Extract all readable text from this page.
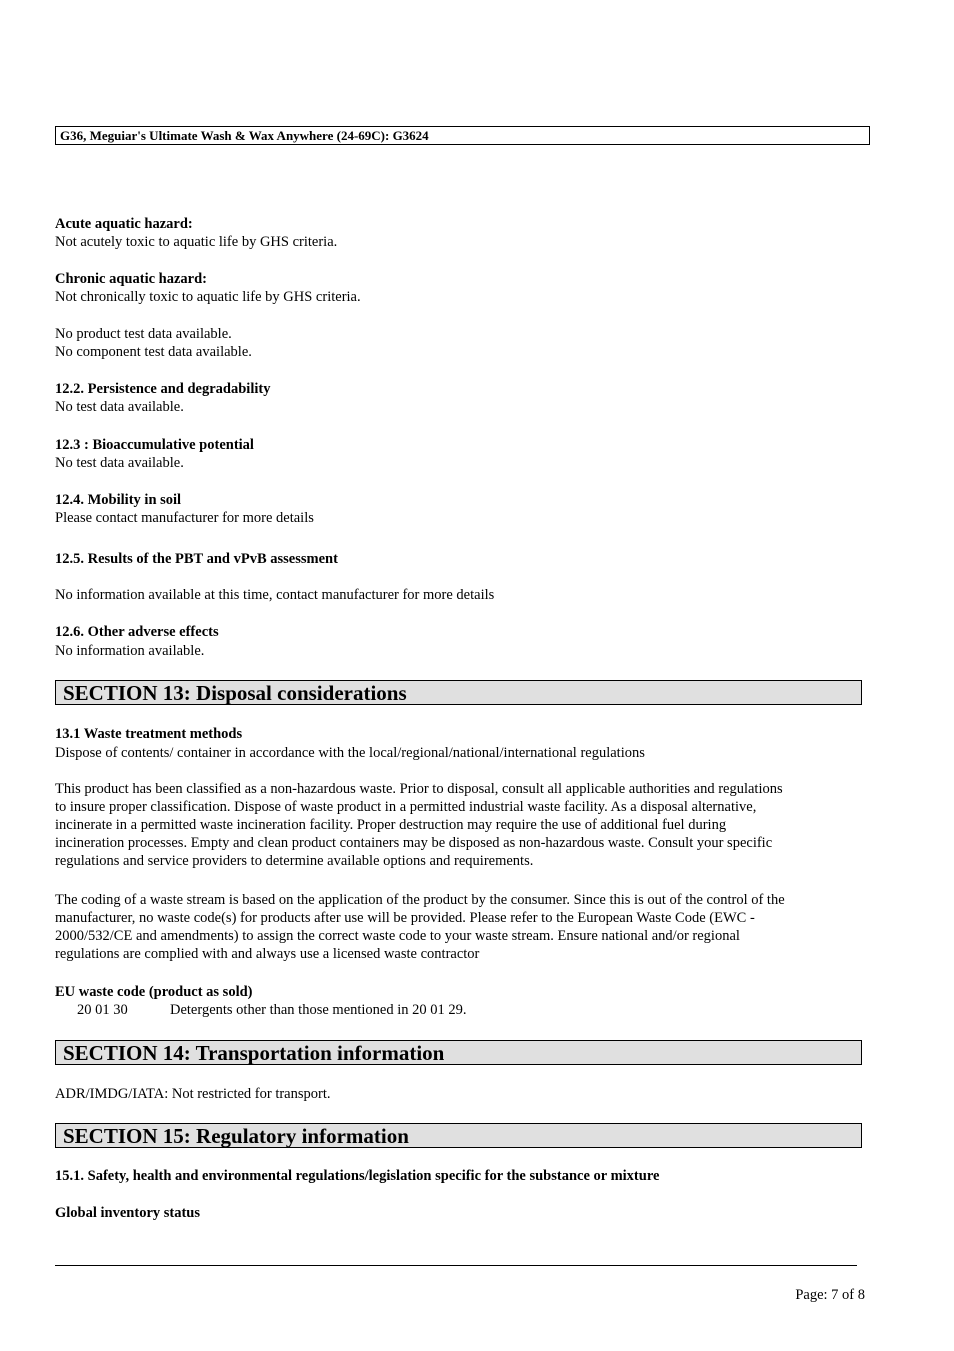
G36, Meguiar's Ultimate Wash & Wax Anywhere (24-69C): G3624
Acute aquatic hazard:
Not acutely toxic to aquatic life by GHS criteria.
Chronic aquatic hazard:
Not chronically toxic to aquatic life by GHS criteria.
No product test data available.
No component test data available.
12.2. Persistence and degradability
No test data available.
12.3 : Bioaccumulative potential
No test data available.
12.4. Mobility in soil
Please contact manufacturer for more details
12.5. Results of the PBT and vPvB assessment
No information available at this time, contact manufacturer for more details
12.6. Other adverse effects
No information available.
SECTION 13: Disposal considerations
13.1 Waste treatment methods
Dispose of contents/ container in accordance with the local/regional/national/international regulations
This product has been classified as a non-hazardous waste. Prior to disposal, consult all applicable authorities and regulations
to insure proper classification. Dispose of waste product in a permitted industrial waste facility. As a disposal alternative,
incinerate in a permitted waste incineration facility. Proper destruction may require the use of additional fuel during
incineration processes. Empty and clean product containers may be disposed as non-hazardous waste. Consult your specific
regulations and service providers to determine available options and requirements.
The coding of a waste stream is based on the application of the product by the consumer. Since this is out of the control of the
manufacturer, no waste code(s) for products after use will be provided. Please refer to the European Waste Code (EWC -
2000/532/CE and amendments) to assign the correct waste code to your waste stream. Ensure national and/or regional
regulations are complied with and always use a licensed waste contractor
EU waste code (product as sold)
20 01 30	Detergents other than those mentioned in 20 01 29.
SECTION 14: Transportation information
ADR/IMDG/IATA: Not restricted for transport.
SECTION 15: Regulatory information
15.1. Safety, health and environmental regulations/legislation specific for the substance or mixture
Global inventory status
Page: 7 of 8
